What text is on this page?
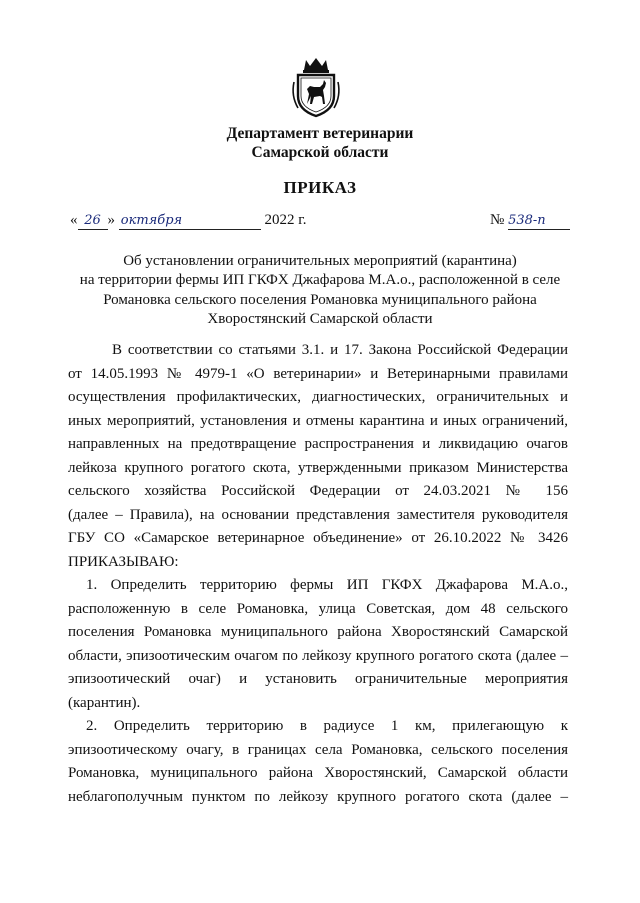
Департамент ветеринарии
Самарской области
ПРИКАЗ
« 26 » октября	2022 г.	№ 538-п
Об установлении ограничительных мероприятий (карантина)
на территории фермы ИП ГКФХ Джафарова М.А.о., расположенной в селе
Романовка сельского поселения Романовка муниципального района
Хворостянский Самарской области
В соответствии со статьями 3.1. и 17. Закона Российской Федерации
от 14.05.1993 № 4979-1 «О ветеринарии» и Ветеринарными правилами
осуществления профилактических, диагностических, ограничительных и
иных мероприятий, установления и отмены карантина и иных ограничений,
направленных на предотвращение распространения и ликвидацию очагов
лейкоза крупного рогатого скота, утвержденными приказом Министерства
сельского хозяйства Российской Федерации от 24.03.2021 № 156
(далее – Правила), на основании представления заместителя руководителя
ГБУ СО «Самарское ветеринарное объединение» от 26.10.2022 № 3426
ПРИКАЗЫВАЮ:
1. Определить территорию фермы ИП ГКФХ Джафарова М.А.о.,
расположенную в селе Романовка, улица Советская, дом 48 сельского
поселения Романовка муниципального района Хворостянский Самарской
области, эпизоотическим очагом по лейкозу крупного рогатого скота (далее –
эпизоотический очаг) и установить ограничительные мероприятия
(карантин).
2. Определить территорию в радиусе 1 км, прилегающую к
эпизоотическому очагу, в границах села Романовка, сельского поселения
Романовка, муниципального района Хворостянский, Самарской области
неблагополучным пунктом по лейкозу крупного рогатого скота (далее –
